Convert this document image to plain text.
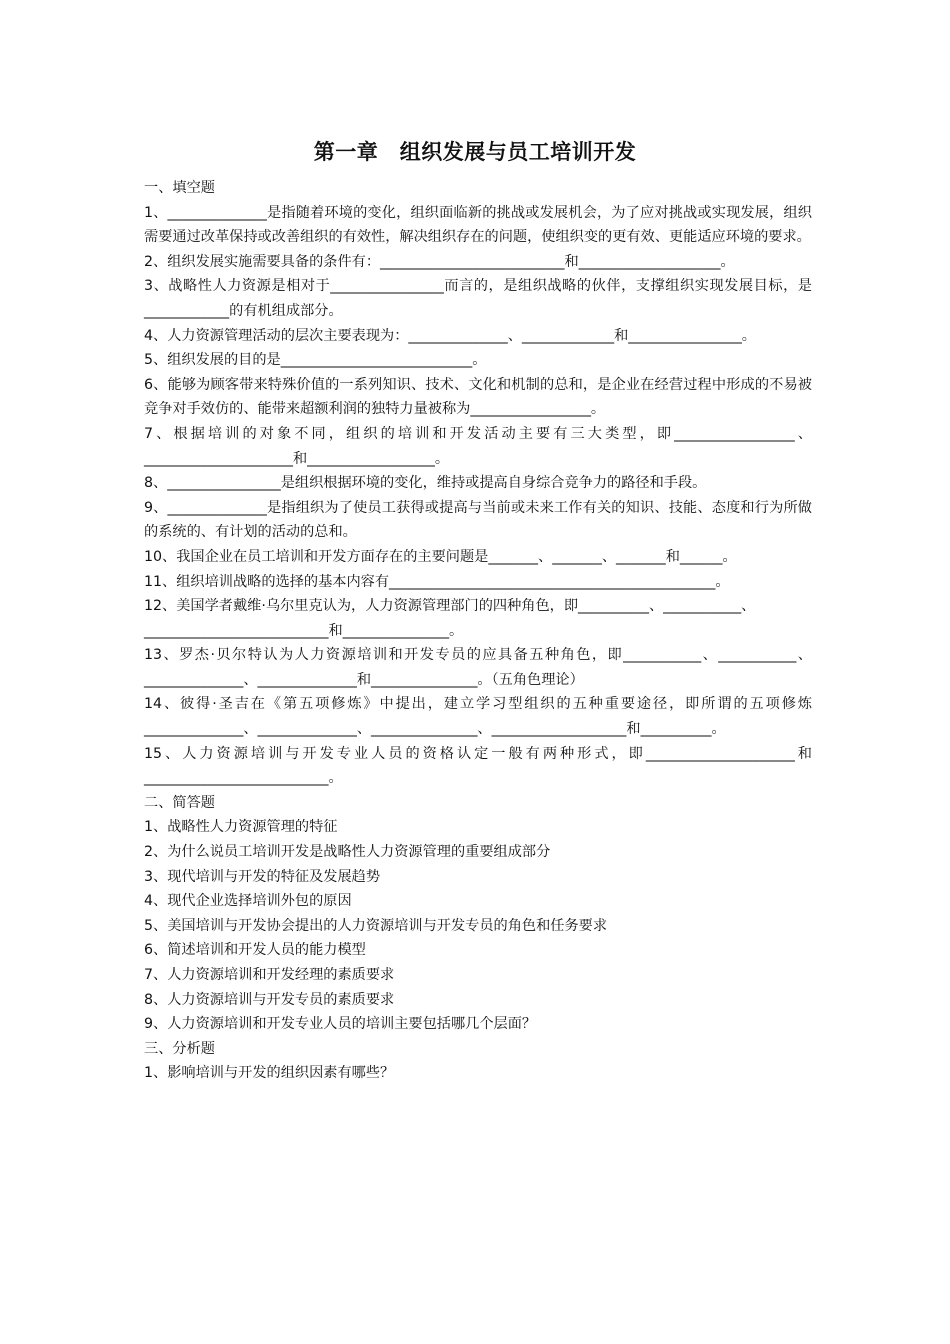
第一章　组织发展与员工培训开发

一、填空题

1、______________是指随着环境的变化，组织面临新的挑战或发展机会，为了应对挑战或实现发展，组织需要通过改革保持或改善组织的有效性，解决组织存在的问题，使组织变的更有效、更能适应环境的要求。

2、组织发展实施需要具备的条件有：__________________________和____________________。

3、战略性人力资源是相对于________________而言的，是组织战略的伙伴，支撑组织实现发展目标，是____________的有机组成部分。

4、人力资源管理活动的层次主要表现为：______________、_____________和________________。

5、组织发展的目的是___________________________。

6、能够为顾客带来特殊价值的一系列知识、技术、文化和机制的总和，是企业在经营过程中形成的不易被竞争对手效仿的、能带来超额利润的独特力量被称为_________________。

7、根据培训的对象不同，组织的培训和开发活动主要有三大类型，即_________________、_____________________和__________________。

8、________________是组织根据环境的变化，维持或提高自身综合竞争力的路径和手段。

9、______________是指组织为了使员工获得或提高与当前或未来工作有关的知识、技能、态度和行为所做的系统的、有计划的活动的总和。

10、我国企业在员工培训和开发方面存在的主要问题是_______、_______、_______和______。

11、组织培训战略的选择的基本内容有______________________________________________。

12、美国学者戴维·乌尔里克认为，人力资源管理部门的四种角色，即__________、___________、

__________________________和_______________。

13、罗杰·贝尔特认为人力资源培训和开发专员的应具备五种角色，即___________、___________、______________、______________和_______________。（五角色理论）

14、彼得·圣吉在《第五项修炼》中提出，建立学习型组织的五种重要途径，即所谓的五项修炼______________、______________、_______________、___________________和__________。

15、人力资源培训与开发专业人员的资格认定一般有两种形式，即_____________________和__________________________。

二、简答题

1、战略性人力资源管理的特征

2、为什么说员工培训开发是战略性人力资源管理的重要组成部分

3、现代培训与开发的特征及发展趋势

4、现代企业选择培训外包的原因

5、美国培训与开发协会提出的人力资源培训与开发专员的角色和任务要求

6、简述培训和开发人员的能力模型

7、人力资源培训和开发经理的素质要求

8、人力资源培训与开发专员的素质要求

9、人力资源培训和开发专业人员的培训主要包括哪几个层面？

三、分析题

1、影响培训与开发的组织因素有哪些？
